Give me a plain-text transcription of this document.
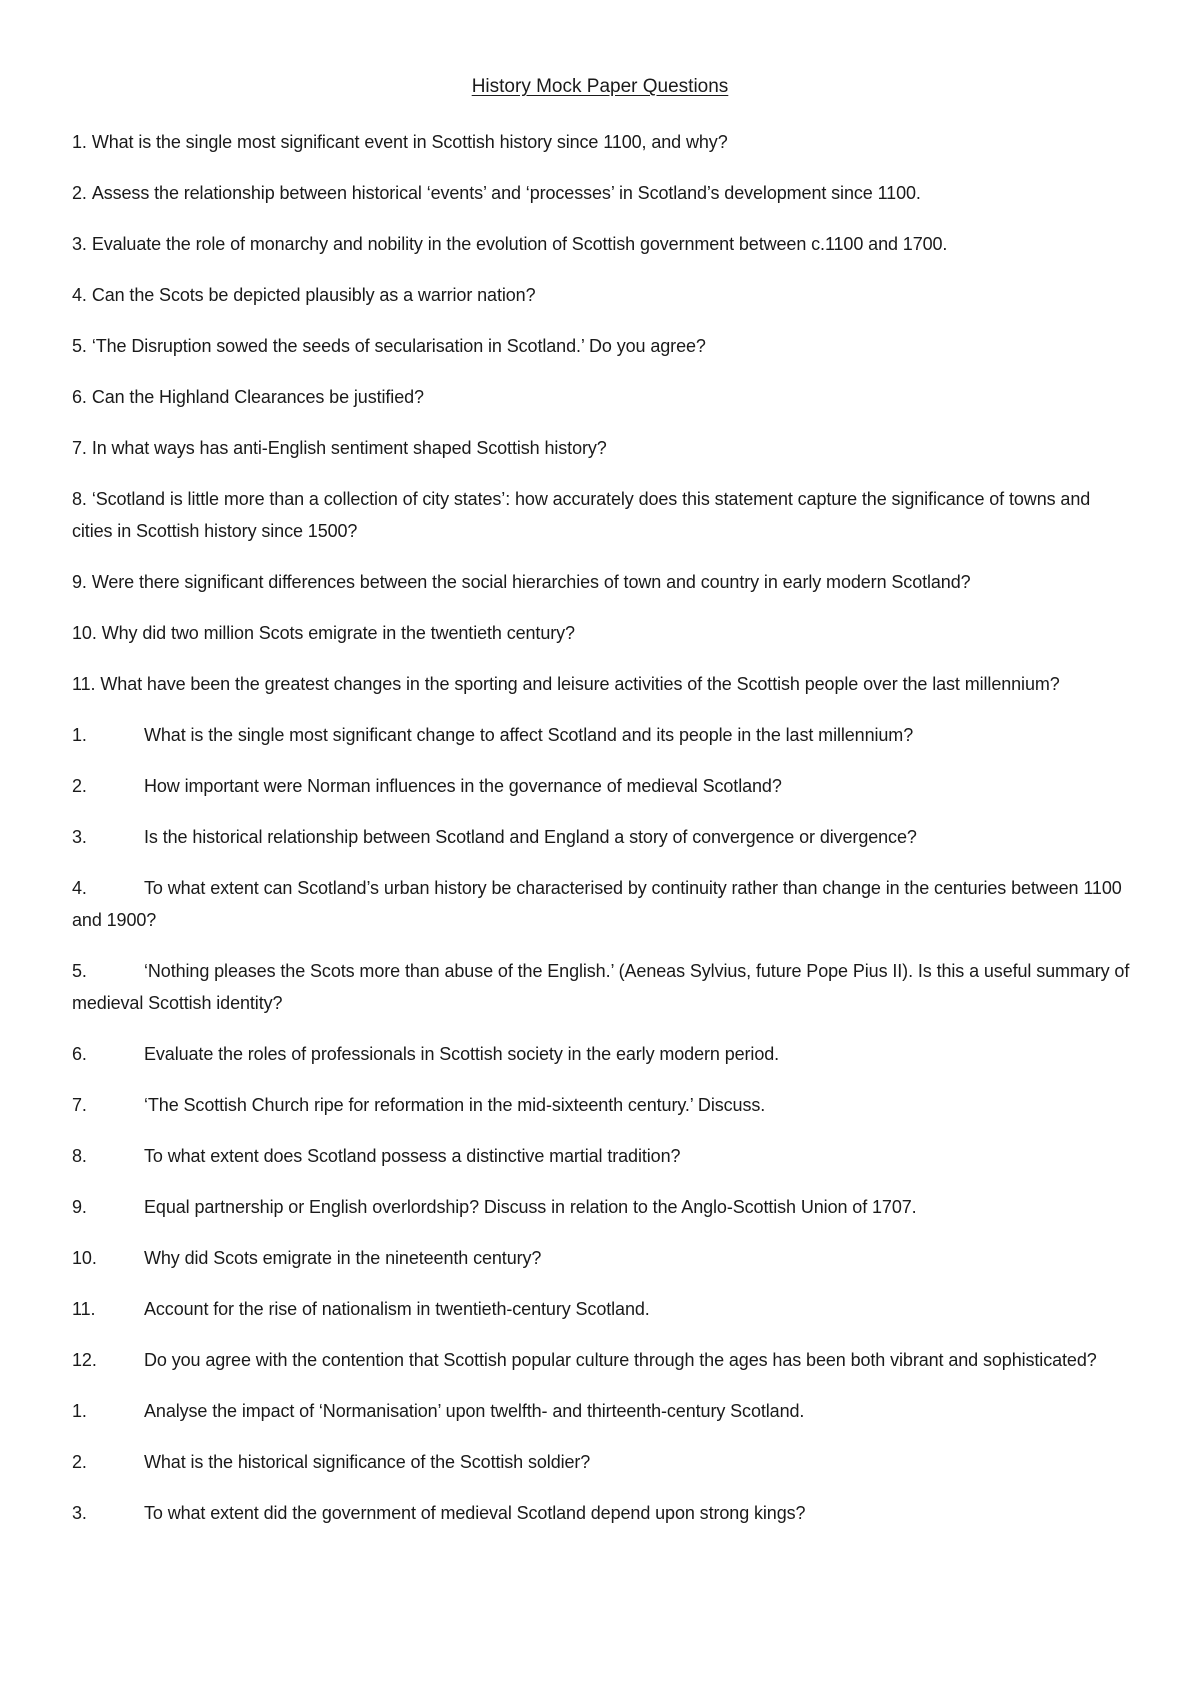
History Mock Paper Questions
1. What is the single most significant event in Scottish history since 1100, and why?
2. Assess the relationship between historical ‘events’ and ‘processes’ in Scotland’s development since 1100.
3. Evaluate the role of monarchy and nobility in the evolution of Scottish government between c.1100 and 1700.
4. Can the Scots be depicted plausibly as a warrior nation?
5. ‘The Disruption sowed the seeds of secularisation in Scotland.’ Do you agree?
6. Can the Highland Clearances be justified?
7. In what ways has anti-English sentiment shaped Scottish history?
8. ‘Scotland is little more than a collection of city states’: how accurately does this statement capture the significance of towns and cities in Scottish history since 1500?
9. Were there significant differences between the social hierarchies of town and country in early modern Scotland?
10. Why did two million Scots emigrate in the twentieth century?
11. What have been the greatest changes in the sporting and leisure activities of the Scottish people over the last millennium?
1.	What is the single most significant change to affect Scotland and its people in the last millennium?
2.	How important were Norman influences in the governance of medieval Scotland?
3.	Is the historical relationship between Scotland and England a story of convergence or divergence?
4.	To what extent can Scotland’s urban history be characterised by continuity rather than change in the centuries between 1100 and 1900?
5.	‘Nothing pleases the Scots more than abuse of the English.’ (Aeneas Sylvius, future Pope Pius II). Is this a useful summary of medieval Scottish identity?
6.	Evaluate the roles of professionals in Scottish society in the early modern period.
7.	‘The Scottish Church ripe for reformation in the mid-sixteenth century.’ Discuss.
8.	To what extent does Scotland possess a distinctive martial tradition?
9.	Equal partnership or English overlordship? Discuss in relation to the Anglo-Scottish Union of 1707.
10.	Why did Scots emigrate in the nineteenth century?
11.	Account for the rise of nationalism in twentieth-century Scotland.
12.	Do you agree with the contention that Scottish popular culture through the ages has been both vibrant and sophisticated?
1.	Analyse the impact of ‘Normanisation’ upon twelfth- and thirteenth-century Scotland.
2.	What is the historical significance of the Scottish soldier?
3.	To what extent did the government of medieval Scotland depend upon strong kings?
